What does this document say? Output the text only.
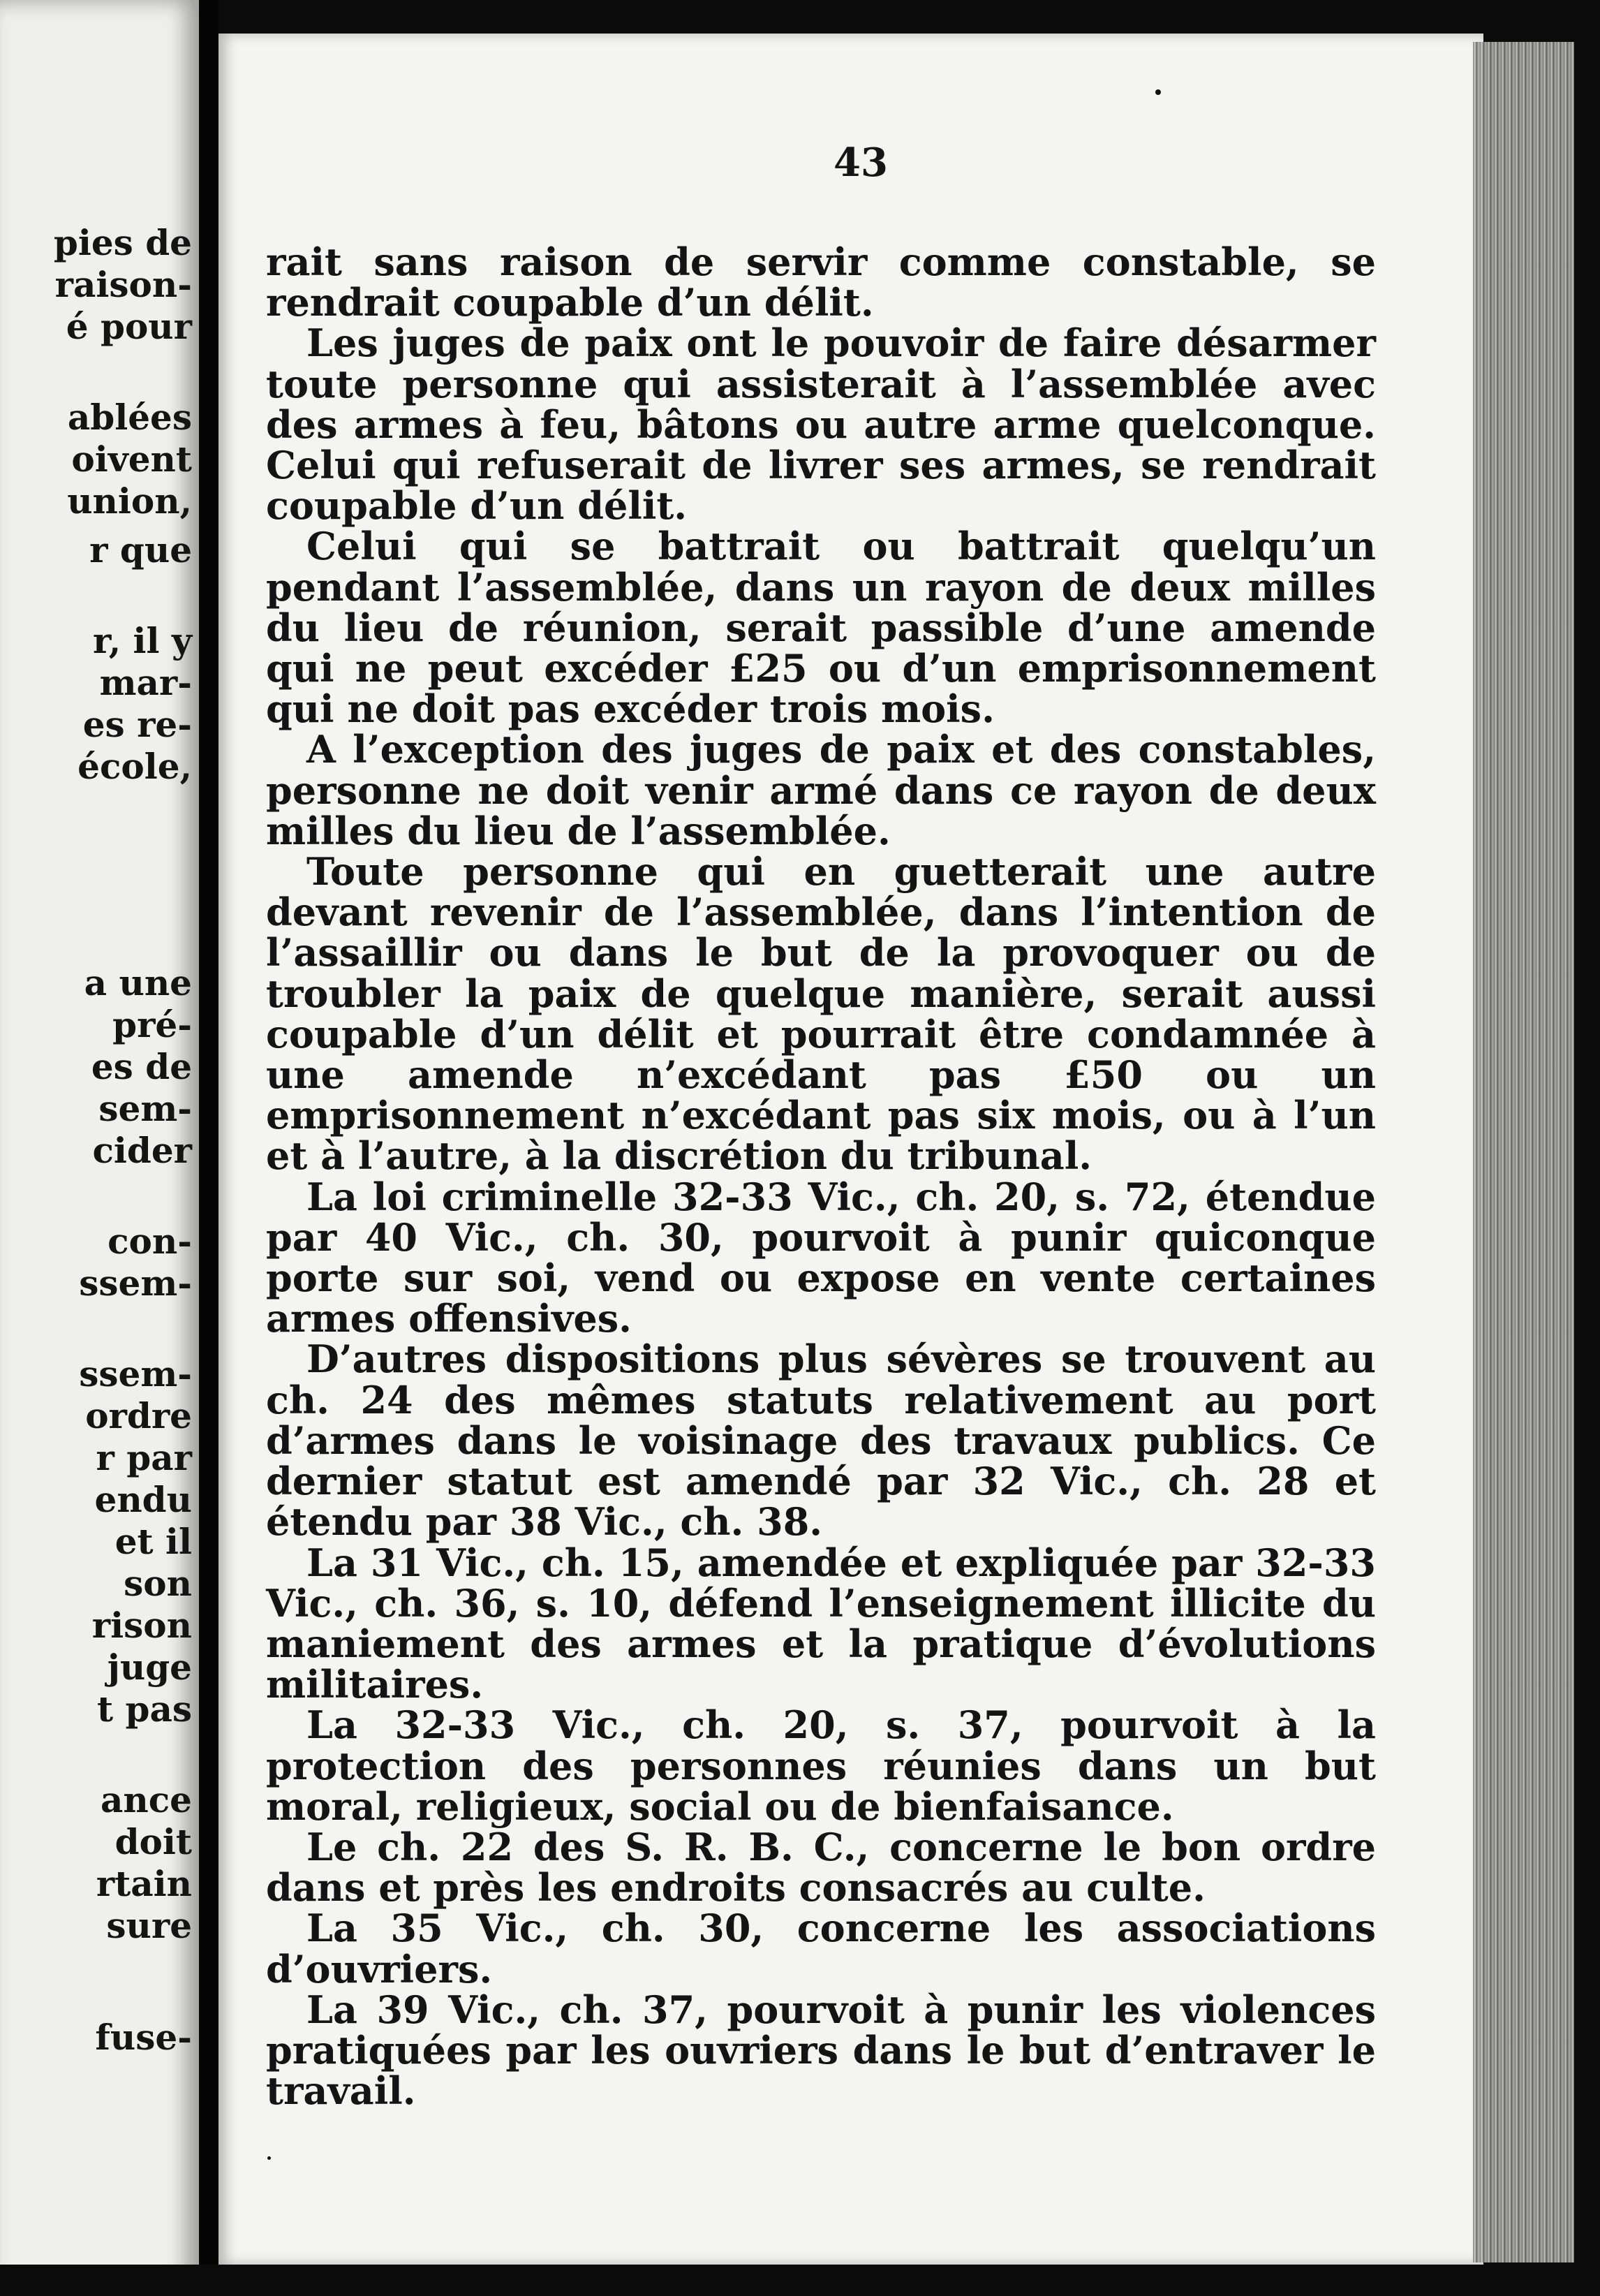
pies de
raison-
é pour
ablées
oivent
union,
r que
r, il y
mar-
es re-
école,
a une
pré-
es de
sem-
cider
con-
ssem-
ssem-
ordre
r par
endu
et il
son
rison
juge
t pas
ance
doit
rtain
sure
fuse-
43

rait sans raison de servir comme constable, se rendrait coupable d’un délit.

Les juges de paix ont le pouvoir de faire désarmer toute personne qui assisterait à l’assemblée avec des armes à feu, bâtons ou autre arme quelconque. Celui qui refuserait de livrer ses armes, se rendrait coupable d’un délit.

Celui qui se battrait ou battrait quelqu’un pendant l’assemblée, dans un rayon de deux milles du lieu de réunion, serait passible d’une amende qui ne peut excéder £25 ou d’un emprisonnement qui ne doit pas excéder trois mois.

A l’exception des juges de paix et des constables, personne ne doit venir armé dans ce rayon de deux milles du lieu de l’assemblée.

Toute personne qui en guetterait une autre devant revenir de l’assemblée, dans l’intention de l’assaillir ou dans le but de la provoquer ou de troubler la paix de quelque manière, serait aussi coupable d’un délit et pourrait être condamnée à une amende n’excédant pas £50 ou un emprisonnement n’excédant pas six mois, ou à l’un et à l’autre, à la discrétion du tribunal.

La loi criminelle 32-33 Vic., ch. 20, s. 72, étendue par 40 Vic., ch. 30, pourvoit à punir quiconque porte sur soi, vend ou expose en vente certaines armes offensives.

D’autres dispositions plus sévères se trouvent au ch. 24 des mêmes statuts relativement au port d’armes dans le voisinage des travaux publics. Ce dernier statut est amendé par 32 Vic., ch. 28 et étendu par 38 Vic., ch. 38.

La 31 Vic., ch. 15, amendée et expliquée par 32-33 Vic., ch. 36, s. 10, défend l’enseignement illicite du maniement des armes et la pratique d’évolutions militaires.

La 32-33 Vic., ch. 20, s. 37, pourvoit à la protection des personnes réunies dans un but moral, religieux, social ou de bienfaisance.

Le ch. 22 des S. R. B. C., concerne le bon ordre dans et près les endroits consacrés au culte.

La 35 Vic., ch. 30, concerne les associations d’ouvriers.

La 39 Vic., ch. 37, pourvoit à punir les violences pratiquées par les ouvriers dans le but d’entraver le travail.
